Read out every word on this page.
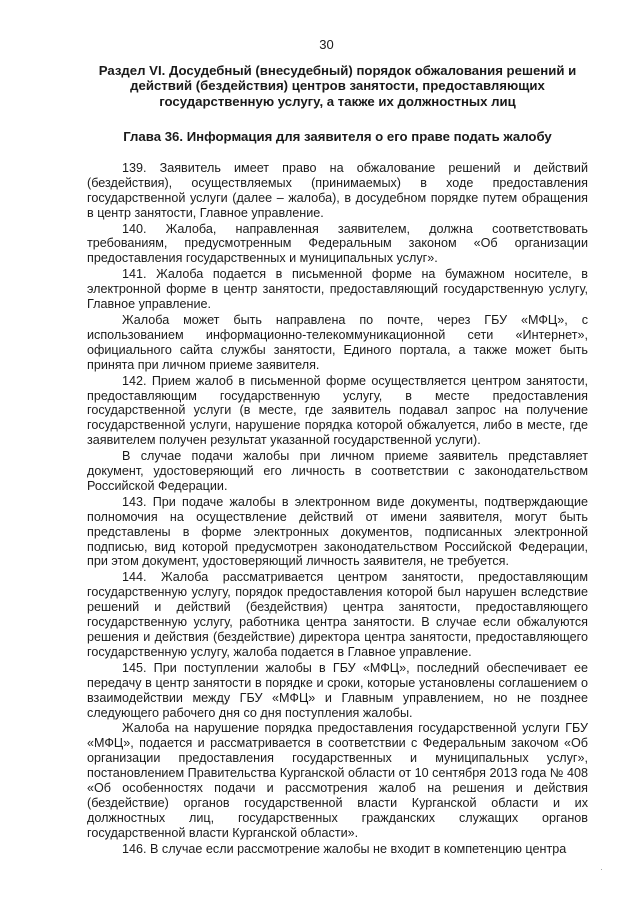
30
Раздел VI. Досудебный (внесудебный) порядок обжалования решений и действий (бездействия) центров занятости, предоставляющих государственную услугу, а также их должностных лиц
Глава 36. Информация для заявителя о его праве подать жалобу

139. Заявитель имеет право на обжалование решений и действий (бездействия), осуществляемых (принимаемых) в ходе предоставления государственной услуги (далее – жалоба), в досудебном порядке путем обращения в центр занятости, Главное управление.

140. Жалоба, направленная заявителем, должна соответствовать требованиям, предусмотренным Федеральным законом «Об организации предоставления государственных и муниципальных услуг».

141. Жалоба подается в письменной форме на бумажном носителе, в электронной форме в центр занятости, предоставляющий государственную услугу, Главное управление.

Жалоба может быть направлена по почте, через ГБУ «МФЦ», с использованием информационно-телекоммуникационной сети «Интернет», официального сайта службы занятости, Единого портала, а также может быть принята при личном приеме заявителя.

142. Прием жалоб в письменной форме осуществляется центром занятости, предоставляющим государственную услугу, в месте предоставления государственной услуги (в месте, где заявитель подавал запрос на получение государственной услуги, нарушение порядка которой обжалуется, либо в месте, где заявителем получен результат указанной государственной услуги).

В случае подачи жалобы при личном приеме заявитель представляет документ, удостоверяющий его личность в соответствии с законодательством Российской Федерации.

143. При подаче жалобы в электронном виде документы, подтверждающие полномочия на осуществление действий от имени заявителя, могут быть представлены в форме электронных документов, подписанных электронной подписью, вид которой предусмотрен законодательством Российской Федерации, при этом документ, удостоверяющий личность заявителя, не требуется.

144. Жалоба рассматривается центром занятости, предоставляющим государственную услугу, порядок предоставления которой был нарушен вследствие решений и действий (бездействия) центра занятости, предоставляющего государственную услугу, работника центра занятости. В случае если обжалуются решения и действия (бездействие) директора центра занятости, предоставляющего государственную услугу, жалоба подается в Главное управление.

145. При поступлении жалобы в ГБУ «МФЦ», последний обеспечивает ее передачу в центр занятости в порядке и сроки, которые установлены соглашением о взаимодействии между ГБУ «МФЦ» и Главным управлением, но не позднее следующего рабочего дня со дня поступления жалобы.

Жалоба на нарушение порядка предоставления государственной услуги ГБУ «МФЦ», подается и рассматривается в соответствии с Федеральным закочом «Об организации предоставления государственных и муниципальных услуг», постановлением Правительства Курганской области от 10 сентября 2013 года № 408 «Об особенностях подачи и рассмотрения жалоб на решения и действия (бездействие) органов государственной власти Курганской области и их должностных лиц, государственных гражданских служащих органов государственной власти Курганской области».

146. В случае если рассмотрение жалобы не входит в компетенцию центра

·
